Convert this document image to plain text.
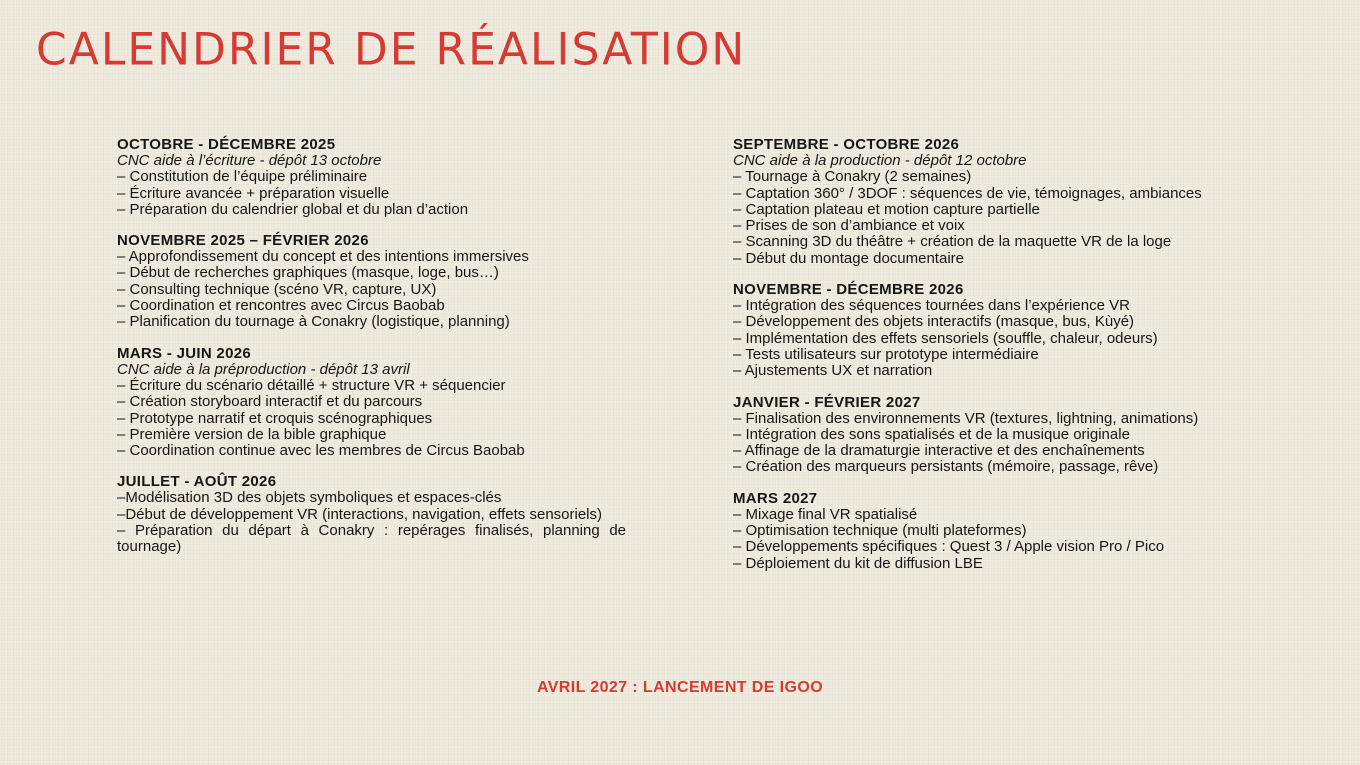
CALENDRIER DE RÉALISATION
OCTOBRE - DÉCEMBRE 2025

CNC aide à l’écriture - dépôt 13 octobre

– Constitution de l’équipe préliminaire

– Écriture avancée + préparation visuelle

– Préparation du calendrier global et du plan d’action

NOVEMBRE 2025 – FÉVRIER 2026

– Approfondissement du concept et des intentions immersives

– Début de recherches graphiques (masque, loge, bus…)

– Consulting technique (scéno VR, capture, UX)

– Coordination et rencontres avec Circus Baobab

– Planification du tournage à Conakry (logistique, planning)

MARS - JUIN 2026

CNC aide à la préproduction - dépôt 13 avril

– Écriture du scénario détaillé + structure VR + séquencier

– Création storyboard interactif et du parcours

– Prototype narratif et croquis scénographiques

– Première version de la bible graphique

– Coordination continue avec les membres de Circus Baobab

JUILLET - AOÛT 2026

–Modélisation 3D des objets symboliques et espaces-clés

–Début de développement VR (interactions, navigation, effets sensoriels)

– Préparation du départ à Conakry : repérages finalisés, planning de tournage)

SEPTEMBRE - OCTOBRE 2026

CNC aide à la production - dépôt 12 octobre

– Tournage à Conakry (2 semaines)

– Captation 360° / 3DOF : séquences de vie, témoignages, ambiances

– Captation plateau et motion capture partielle

– Prises de son d’ambiance et voix

– Scanning 3D du théâtre + création de la maquette VR de la loge

– Début du montage documentaire

NOVEMBRE - DÉCEMBRE 2026

– Intégration des séquences tournées dans l’expérience VR

– Développement des objets interactifs (masque, bus, Kùyé)

– Implémentation des effets sensoriels (souffle, chaleur, odeurs)

– Tests utilisateurs sur prototype intermédiaire

– Ajustements UX et narration

JANVIER - FÉVRIER 2027

– Finalisation des environnements VR (textures, lightning, animations)

– Intégration des sons spatialisés et de la musique originale

– Affinage de la dramaturgie interactive et des enchaînements

– Création des marqueurs persistants (mémoire, passage, rêve)

MARS 2027

– Mixage final VR spatialisé

– Optimisation technique (multi plateformes)

– Développements spécifiques : Quest 3 / Apple vision Pro / Pico

– Déploiement du kit de diffusion LBE

AVRIL 2027 : LANCEMENT DE IGOO
